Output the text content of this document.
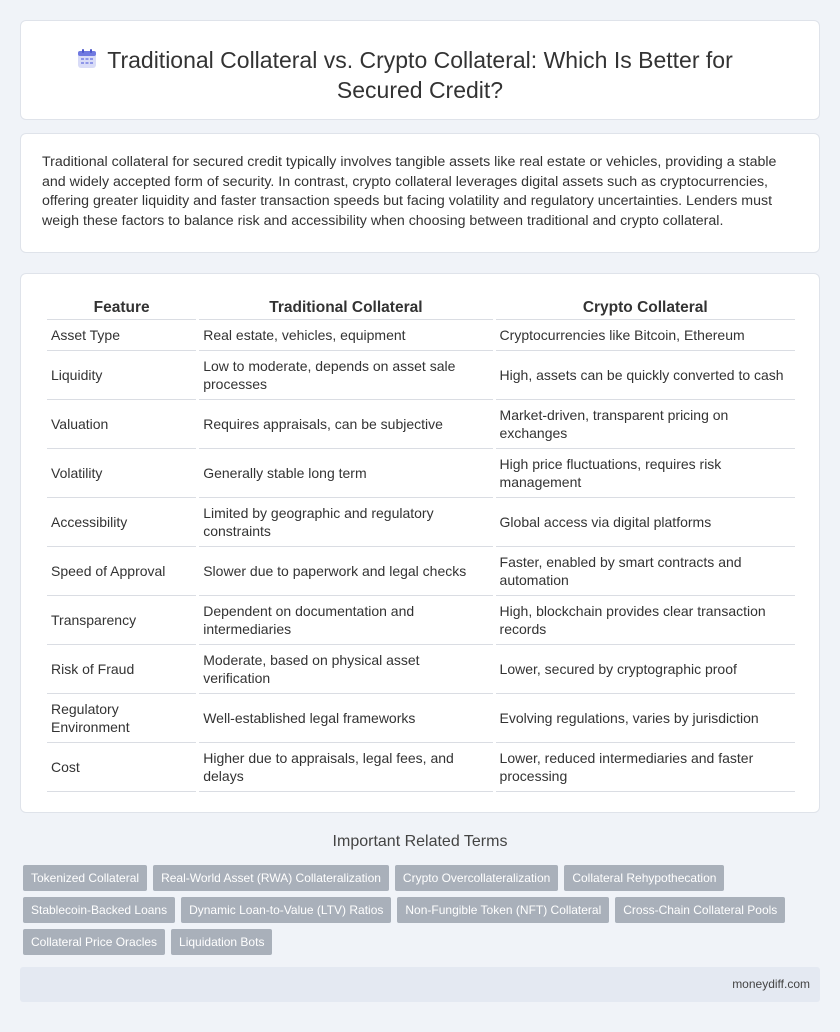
Traditional Collateral vs. Crypto Collateral: Which Is Better for
Secured Credit?

Traditional collateral for secured credit typically involves tangible assets like real estate or vehicles, providing a stable and widely accepted form of security. In contrast, crypto collateral leverages digital assets such as cryptocurrencies, offering greater liquidity and faster transaction speeds but facing volatility and regulatory uncertainties. Lenders must weigh these factors to balance risk and accessibility when choosing between traditional and crypto collateral.

Feature	Traditional Collateral	Crypto Collateral
Asset Type	Real estate, vehicles, equipment	Cryptocurrencies like Bitcoin, Ethereum
Liquidity	Low to moderate, depends on asset sale processes	High, assets can be quickly converted to cash
Valuation	Requires appraisals, can be subjective	Market-driven, transparent pricing on exchanges
Volatility	Generally stable long term	High price fluctuations, requires risk management
Accessibility	Limited by geographic and regulatory constraints	Global access via digital platforms
Speed of Approval	Slower due to paperwork and legal checks	Faster, enabled by smart contracts and automation
Transparency	Dependent on documentation and intermediaries	High, blockchain provides clear transaction records
Risk of Fraud	Moderate, based on physical asset verification	Lower, secured by cryptographic proof
Regulatory Environment	Well-established legal frameworks	Evolving regulations, varies by jurisdiction
Cost	Higher due to appraisals, legal fees, and delays	Lower, reduced intermediaries and faster processing
Important Related Terms
Tokenized Collateral	Real-World Asset (RWA) Collateralization	Crypto Overcollateralization	Collateral Rehypothecation
Stablecoin-Backed Loans	Dynamic Loan-to-Value (LTV) Ratios	Non-Fungible Token (NFT) Collateral	Cross-Chain Collateral Pools
Collateral Price Oracles	Liquidation Bots
moneydiff.com
